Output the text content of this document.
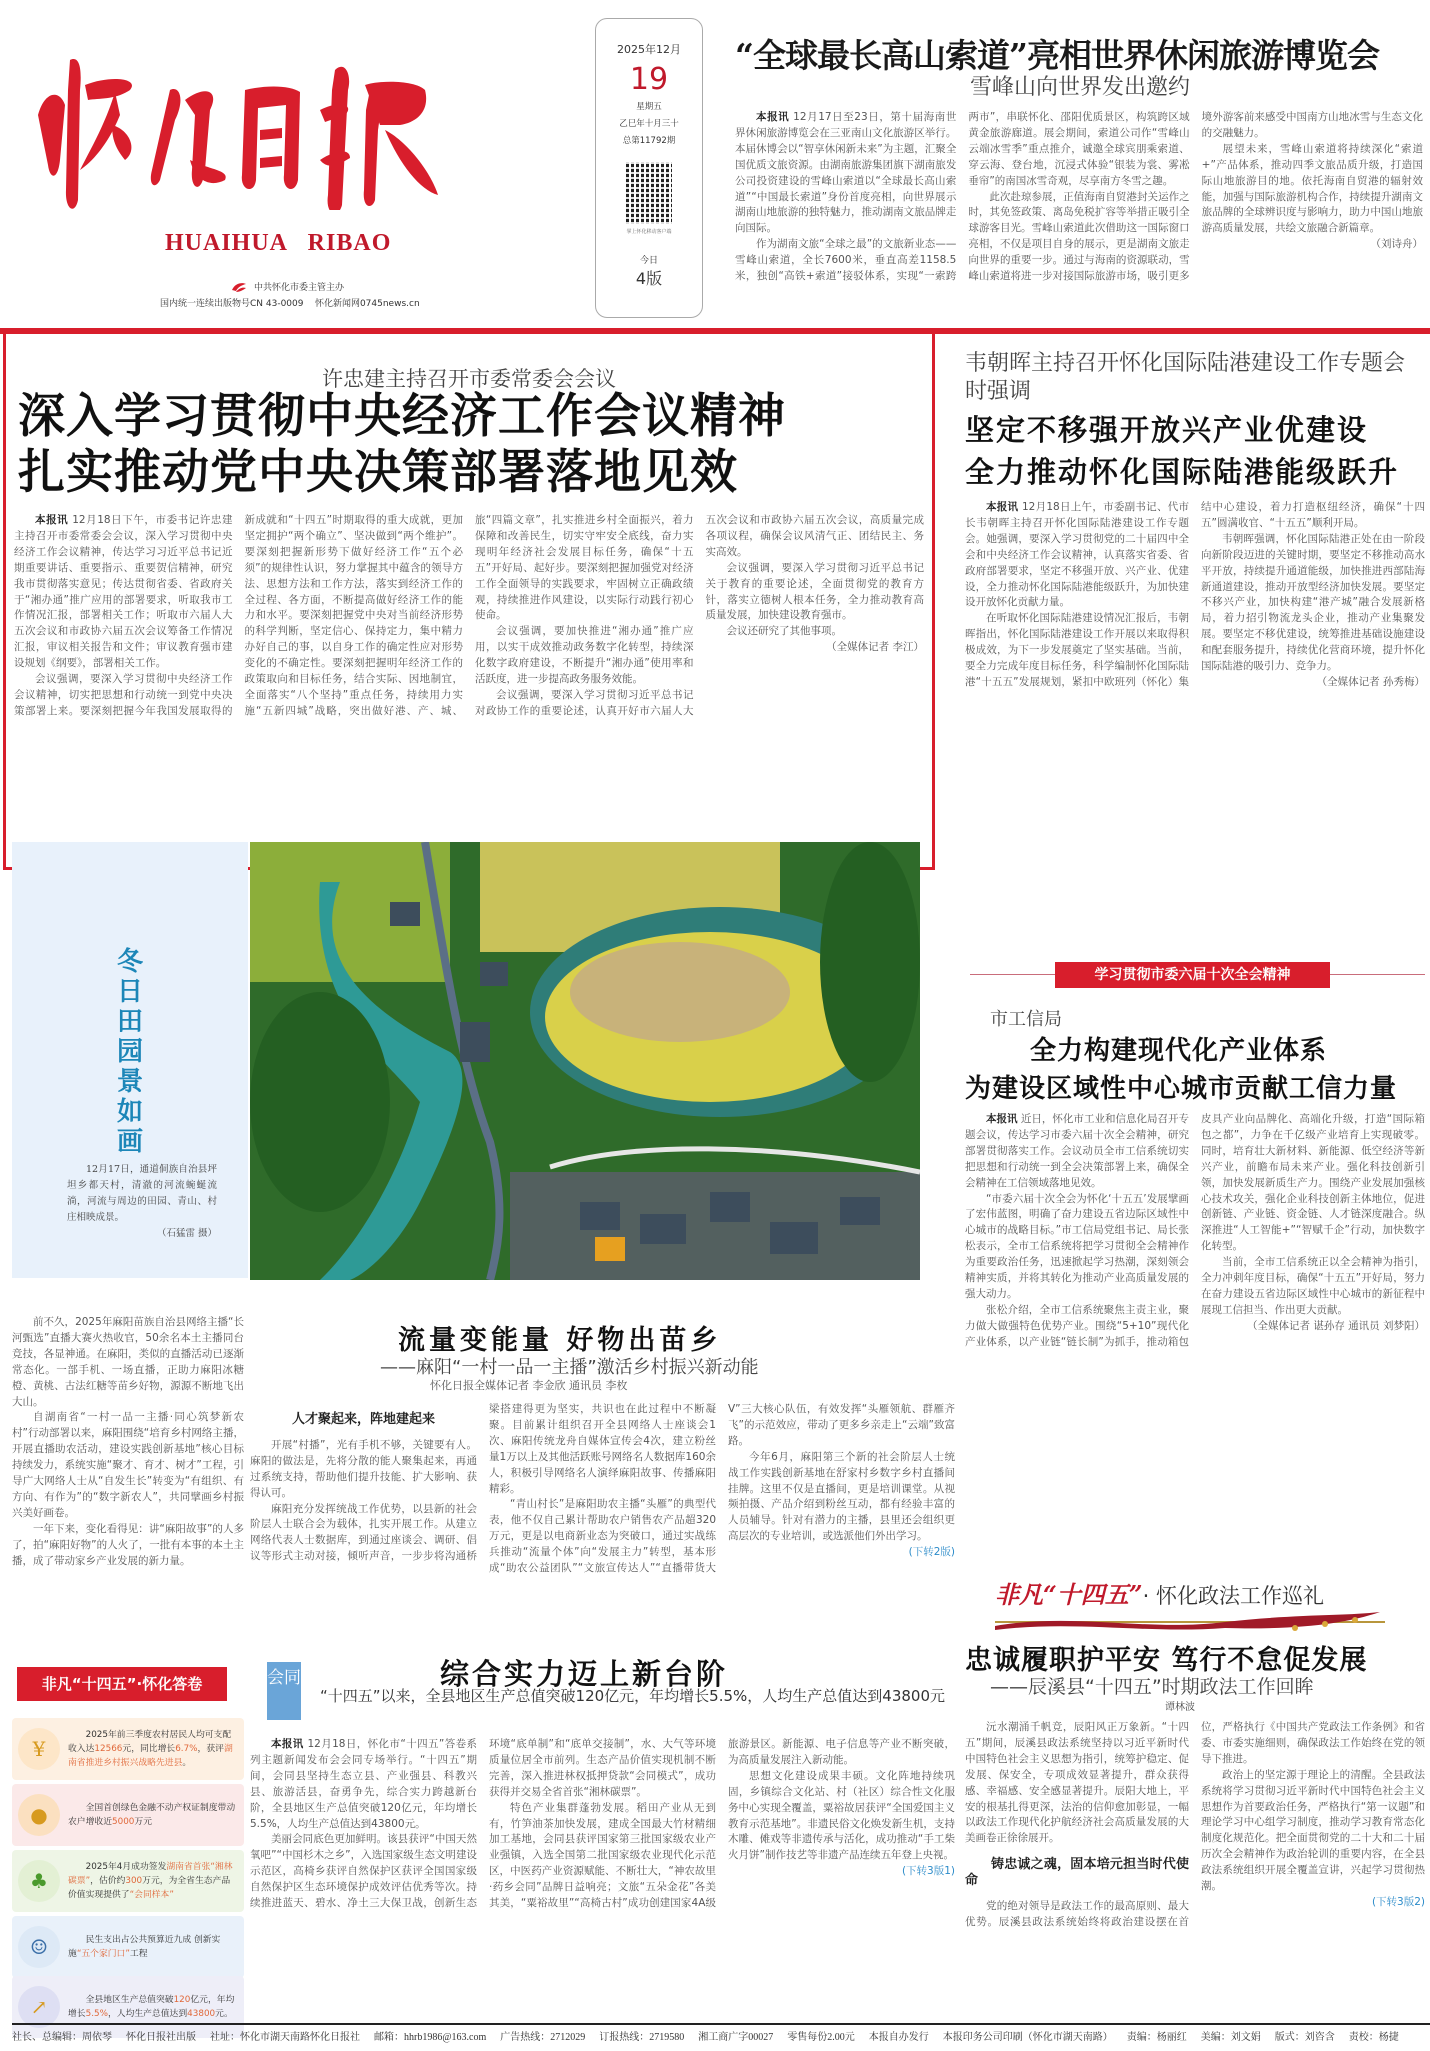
HUAIHUA   RIBAO
中共怀化市委主管主办
国内统一连续出版物号CN 43-0009 怀化新闻网0745news.cn
2025年12月
19
星期五
乙巳年十月三十
总第11792期
掌上怀化移动客户端
今日
4版
“全球最长高山索道”亮相世界休闲旅游博览会
雪峰山向世界发出邀约

本报讯 12月17日至23日，第十届海南世界休闲旅游博览会在三亚南山文化旅游区举行。本届休博会以“智享休闲新未来”为主题，汇聚全国优质文旅资源。由湖南旅游集团旗下湖南旅发公司投资建设的雪峰山索道以“全球最长高山索道”“中国最长索道”身份首度亮相，向世界展示湖南山地旅游的独特魅力，推动湖南文旅品牌走向国际。

作为湖南文旅“全球之最”的文旅新业态——雪峰山索道，全长7600米，垂直高差1158.5米，独创“高铁+索道”接驳体系，实现“一索跨两市”，串联怀化、邵阳优质景区，构筑跨区域黄金旅游廊道。展会期间，索道公司作“雪峰山云端冰雪季”重点推介，诚邀全球宾朋乘索道、穿云海、登台地，沉浸式体验“银装为裳、雾凇垂帘”的南国冰雪奇观，尽享南方冬雪之趣。

此次赴琼参展，正值海南自贸港封关运作之时，其免签政策、离岛免税扩容等举措正吸引全球游客目光。雪峰山索道此次借助这一国际窗口亮相，不仅是项目自身的展示，更是湖南文旅走向世界的重要一步。通过与海南的资源联动，雪峰山索道将进一步对接国际旅游市场，吸引更多境外游客前来感受中国南方山地冰雪与生态文化的交融魅力。

展望未来，雪峰山索道将持续深化“索道+”产品体系，推动四季文旅品质升级，打造国际山地旅游目的地。依托海南自贸港的辐射效能，加强与国际旅游机构合作，持续提升湖南文旅品牌的全球辨识度与影响力，助力中国山地旅游高质量发展，共绘文旅融合新篇章。

（刘诗舟）
许忠建主持召开市委常委会会议
深入学习贯彻中央经济工作会议精神
扎实推动党中央决策部署落地见效

本报讯 12月18日下午，市委书记许忠建主持召开市委常委会会议，深入学习贯彻中央经济工作会议精神，传达学习习近平总书记近期重要讲话、重要指示、重要贺信精神，研究我市贯彻落实意见；传达贯彻省委、省政府关于“湘办通”推广应用的部署要求，听取我市工作情况汇报，部署相关工作；听取市六届人大五次会议和市政协六届五次会议筹备工作情况汇报，审议相关报告和文件；审议教育强市建设规划《纲要》，部署相关工作。

会议强调，要深入学习贯彻中央经济工作会议精神，切实把思想和行动统一到党中央决策部署上来。要深刻把握今年我国发展取得的新成就和“十四五”时期取得的重大成就，更加坚定拥护“两个确立”、坚决做到“两个维护”。要深刻把握新形势下做好经济工作“五个必须”的规律性认识，努力掌握其中蕴含的领导方法、思想方法和工作方法，落实到经济工作的全过程、各方面，不断提高做好经济工作的能力和水平。要深刻把握党中央对当前经济形势的科学判断，坚定信心、保持定力，集中精力办好自己的事，以自身工作的确定性应对形势变化的不确定性。要深刻把握明年经济工作的政策取向和目标任务，结合实际、因地制宜，全面落实“八个坚持”重点任务，持续用力实施“五新四城”战略，突出做好港、产、城、旅“四篇文章”，扎实推进乡村全面振兴，着力保障和改善民生，切实守牢安全底线，奋力实现明年经济社会发展目标任务，确保“十五五”开好局、起好步。要深刻把握加强党对经济工作全面领导的实践要求，牢固树立正确政绩观，持续推进作风建设，以实际行动践行初心使命。

会议强调，要加快推进“湘办通”推广应用，以实干成效推动政务数字化转型，持续深化数字政府建设，不断提升“湘办通”使用率和活跃度，进一步提高政务服务效能。

会议强调，要深入学习贯彻习近平总书记对政协工作的重要论述，认真开好市六届人大五次会议和市政协六届五次会议，高质量完成各项议程，确保会议风清气正、团结民主、务实高效。

会议强调，要深入学习贯彻习近平总书记关于教育的重要论述，全面贯彻党的教育方针，落实立德树人根本任务，全力推动教育高质量发展，加快建设教育强市。

会议还研究了其他事项。

（全媒体记者 李江）
韦朝晖主持召开怀化国际陆港建设工作专题会时强调
坚定不移强开放兴产业优建设
全力推动怀化国际陆港能级跃升

本报讯 12月18日上午，市委副书记、代市长韦朝晖主持召开怀化国际陆港建设工作专题会。她强调，要深入学习贯彻党的二十届四中全会和中央经济工作会议精神，认真落实省委、省政府部署要求，坚定不移强开放、兴产业、优建设，全力推动怀化国际陆港能级跃升，为加快建设开放怀化贡献力量。

在听取怀化国际陆港建设情况汇报后，韦朝晖指出，怀化国际陆港建设工作开展以来取得积极成效，为下一步发展奠定了坚实基础。当前，要全力完成年度目标任务，科学编制怀化国际陆港“十五五”发展规划，紧扣中欧班列（怀化）集结中心建设，着力打造枢纽经济，确保“十四五”圆满收官、“十五五”顺利开局。

韦朝晖强调，怀化国际陆港正处在由一阶段向新阶段迈进的关键时期，要坚定不移推动高水平开放，持续提升通道能级，加快推进西部陆海新通道建设，推动开放型经济加快发展。要坚定不移兴产业，加快构建“港产城”融合发展新格局，着力招引物流龙头企业，推动产业集聚发展。要坚定不移优建设，统筹推进基础设施建设和配套服务提升，持续优化营商环境，提升怀化国际陆港的吸引力、竞争力。

（全媒体记者 孙秀梅）
学习贯彻市委六届十次全会精神
市工信局
全力构建现代化产业体系
为建设区域性中心城市贡献工信力量

本报讯 近日，怀化市工业和信息化局召开专题会议，传达学习市委六届十次全会精神，研究部署贯彻落实工作。会议动员全市工信系统切实把思想和行动统一到全会决策部署上来，确保全会精神在工信领域落地见效。

“市委六届十次全会为怀化‘十五五’发展擘画了宏伟蓝图，明确了奋力建设五省边际区域性中心城市的战略目标。”市工信局党组书记、局长张松表示，全市工信系统将把学习贯彻全会精神作为重要政治任务，迅速掀起学习热潮，深刻领会精神实质，并将其转化为推动产业高质量发展的强大动力。

张松介绍，全市工信系统聚焦主责主业，聚力做大做强特色优势产业。围绕“5+10”现代化产业体系，以产业链“链长制”为抓手，推动箱包皮具产业向品牌化、高端化升级，打造“国际箱包之都”，力争在千亿级产业培育上实现破零。同时，培育壮大新材料、新能源、低空经济等新兴产业，前瞻布局未来产业。强化科技创新引领，加快发展新质生产力。围绕产业发展加强核心技术攻关，强化企业科技创新主体地位，促进创新链、产业链、资金链、人才链深度融合。纵深推进“人工智能+”“智赋千企”行动，加快数字化转型。

当前，全市工信系统正以全会精神为指引，全力冲刺年度目标，确保“十五五”开好局，努力在奋力建设五省边际区域性中心城市的新征程中展现工信担当、作出更大贡献。

（全媒体记者 谌孙存 通讯员 刘梦阳）
冬日田园景如画

12月17日，通道侗族自治县坪坦乡都天村，清澈的河流蜿蜒流淌，河流与周边的田园、青山、村庄相映成景。

（石猛雷 摄）

前不久，2025年麻阳苗族自治县网络主播“长河甄选”直播大赛火热收官，50余名本土主播同台竞技，各显神通。在麻阳，类似的直播活动已逐渐常态化。一部手机、一场直播，正助力麻阳冰糖橙、黄桃、古法红糖等苗乡好物，源源不断地飞出大山。

自湖南省“一村一品一主播·同心筑梦新农村”行动部署以来，麻阳围绕“培育乡村网络主播，开展直播助农活动，建设实践创新基地”核心目标持续发力，系统实施“聚才、育才、树才”工程，引导广大网络人士从“自发生长”转变为“有组织、有方向、有作为”的“数字新农人”，共同擘画乡村振兴美好画卷。

一年下来，变化看得见：讲“麻阳故事”的人多了，拍“麻阳好物”的人火了，一批有本事的本土主播，成了带动家乡产业发展的新力量。

流量变能量 好物出苗乡
——麻阳“一村一品一主播”激活乡村振兴新动能
怀化日报全媒体记者 李金欣 通讯员 李枚
人才聚起来，阵地建起来

开展“村播”，光有手机不够，关键要有人。麻阳的做法是，先将分散的能人聚集起来，再通过系统支持，帮助他们提升技能、扩大影响、获得认可。

麻阳充分发挥统战工作优势，以县新的社会阶层人士联合会为载体，扎实开展工作。从建立网络代表人士数据库，到通过座谈会、调研、倡议等形式主动对接，倾听声音，一步步将沟通桥梁搭建得更为坚实，共识也在此过程中不断凝聚。目前累计组织召开全县网络人士座谈会1次、麻阳传统龙舟自媒体宣传会4次，建立粉丝量1万以上及其他活跃账号网络名人数据库160余人，积极引导网络名人演绎麻阳故事、传播麻阳精彩。

“青山村长”是麻阳助农主播“头雁”的典型代表，他不仅自己累计帮助农户销售农产品超320万元，更是以电商新业态为突破口，通过实战练兵推动“流量个体”向“发展主力”转型，基本形成“助农公益团队”“文旅宣传达人”“直播带货大V”三大核心队伍，有效发挥“头雁领航、群雁齐飞”的示范效应，带动了更多乡亲走上“云端”致富路。

今年6月，麻阳第三个新的社会阶层人士统战工作实践创新基地在舒家村乡数字乡村直播间挂牌。这里不仅是直播间，更是培训课堂。从视频拍摄、产品介绍到粉丝互动，都有经验丰富的人员辅导。针对有潜力的主播，县里还会组织更高层次的专业培训，或选派他们外出学习。

(下转2版)
非凡“十四五”·怀化答卷
¥
2025年前三季度农村居民人均可支配收入达12566元，同比增长6.7%，获评湖南省推进乡村振兴战略先进县。
●	全国首创绿色金融不动产权证制度带动农户增收近5000万元
♣
2025年4月成功签发湖南省首张“湘林碳票”，估价约300万元，为全省生态产品价值实现提供了“会同样本”
☺	民生支出占公共预算近九成 创新实施“五个家门口”工程
↗	全县地区生产总值突破120亿元，年均增长5.5%，人均生产总值达到43800元。
会同	综合实力迈上新台阶
“十四五”以来，全县地区生产总值突破120亿元，年均增长5.5%，人均生产总值达到43800元

本报讯 12月18日，怀化市“十四五”答卷系列主题新闻发布会会同专场举行。“十四五”期间，会同县坚持生态立县、产业强县、科教兴县、旅游活县，奋勇争先，综合实力跨越新台阶，全县地区生产总值突破120亿元，年均增长5.5%，人均生产总值达到43800元。

美丽会同底色更加鲜明。该县获评“中国天然氧吧”“中国杉木之乡”，入选国家级生态文明建设示范区，高椅乡获评自然保护区获评全国国家级自然保护区生态环境保护成效评估优秀等次。持续推进蓝天、碧水、净土三大保卫战，创新生态环境“底单制”和“底单交接制”，水、大气等环境质量位居全市前列。生态产品价值实现机制不断完善，深入推进林权抵押贷款“会同模式”，成功获得并交易全省首张“湘林碳票”。

特色产业集群蓬勃发展。稻田产业从无到有，竹笋油茶加快发展，建成全国最大竹材精细加工基地，会同县获评国家第三批国家级农业产业强镇，入选全国第二批国家级农业现代化示范区，中医药产业资源赋能、不断壮大，“神农故里·药乡会同”品牌日益响亮；文旅“五朵金花”各美其美，“粟裕故里”“高椅古村”成功创建国家4A级旅游景区。新能源、电子信息等产业不断突破，为高质量发展注入新动能。

思想文化建设成果丰硕。文化阵地持续巩固，乡镇综合文化站、村（社区）综合性文化服务中心实现全覆盖，粟裕故居获评“全国爱国主义教育示范基地”。非遗民俗文化焕发新生机，支持木雕、傩戏等非遗传承与活化，成功推动“手工柴火月饼”制作技艺等非遗产品连续五年登上央视。

(下转3版1)
非凡“十四五”· 怀化政法工作巡礼
忠诚履职护平安 笃行不怠促发展
——辰溪县“十四五”时期政法工作回眸
谭林波

沅水潮涌千帆竞，辰阳风正万象新。“十四五”期间，辰溪县政法系统坚持以习近平新时代中国特色社会主义思想为指引，统筹护稳定、促发展、保安全，专项成效显著提升，群众获得感、幸福感、安全感显著提升。辰阳大地上，平安的根基扎得更深，法治的信仰愈加彰显，一幅以政法工作现代化护航经济社会高质量发展的大美画卷正徐徐展开。

铸忠诚之魂，固本培元担当时代使命

党的绝对领导是政法工作的最高原则、最大优势。辰溪县政法系统始终将政治建设摆在首位，严格执行《中国共产党政法工作条例》和省委、市委实施细则，确保政法工作始终在党的领导下推进。

政治上的坚定源于理论上的清醒。全县政法系统将学习贯彻习近平新时代中国特色社会主义思想作为首要政治任务，严格执行“第一议题”和理论学习中心组学习制度，推动学习教育常态化制度化规范化。把全面贯彻党的二十大和二十届历次全会精神作为政治轮训的重要内容，在全县政法系统组织开展全覆盖宣讲，兴起学习贯彻热潮。

(下转3版2)
社长、总编辑：周依琴 怀化日报社出版 社址：怀化市湖天南路怀化日报社 邮箱：hhrb1986@163.com 广告热线：2712029 订报热线：2719580 湘工商广字00027 零售每份2.00元 本报自办发行 本报印务公司印刷（怀化市湖天南路） 责编：杨丽红 美编：刘文娟 版式：刘咨含 责校：杨捷
